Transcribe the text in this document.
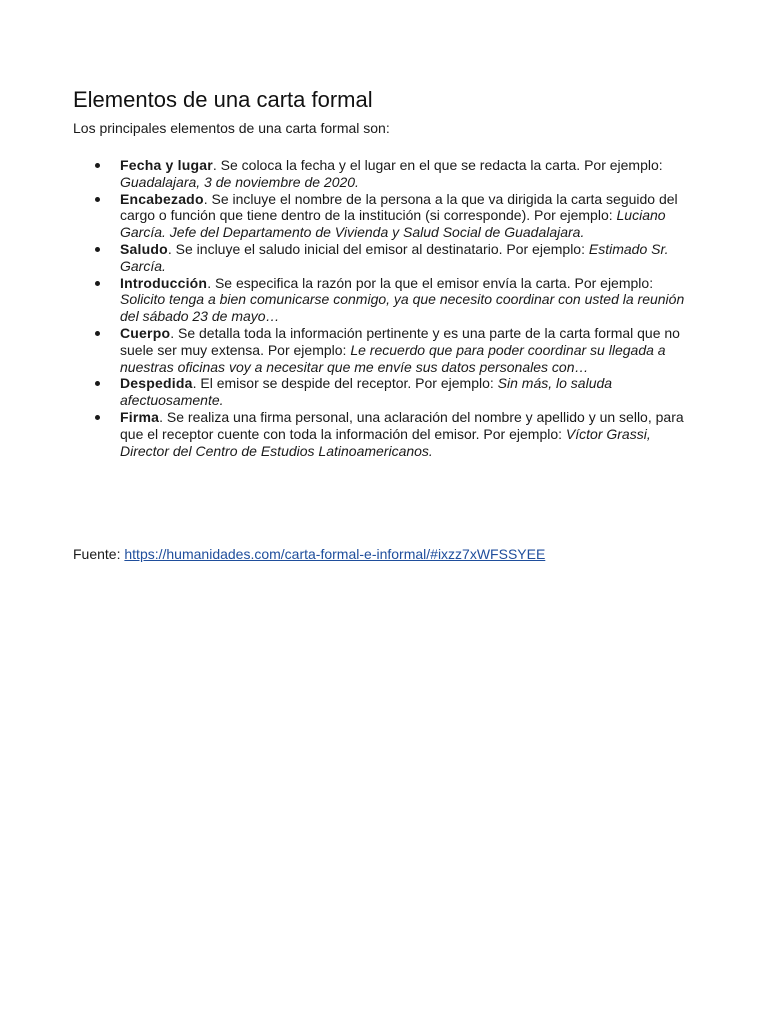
Elementos de una carta formal

Los principales elementos de una carta formal son:

Fecha y lugar. Se coloca la fecha y el lugar en el que se redacta la carta. Por ejemplo: Guadalajara, 3 de noviembre de 2020.
Encabezado. Se incluye el nombre de la persona a la que va dirigida la carta seguido del cargo o función que tiene dentro de la institución (si corresponde). Por ejemplo: Luciano García. Jefe del Departamento de Vivienda y Salud Social de Guadalajara.
Saludo. Se incluye el saludo inicial del emisor al destinatario. Por ejemplo: Estimado Sr. García.
Introducción. Se especifica la razón por la que el emisor envía la carta. Por ejemplo: Solicito tenga a bien comunicarse conmigo, ya que necesito coordinar con usted la reunión del sábado 23 de mayo…
Cuerpo. Se detalla toda la información pertinente y es una parte de la carta formal que no suele ser muy extensa. Por ejemplo: Le recuerdo que para poder coordinar su llegada a nuestras oficinas voy a necesitar que me envíe sus datos personales con…
Despedida. El emisor se despide del receptor. Por ejemplo: Sin más, lo saluda afectuosamente.
Firma. Se realiza una firma personal, una aclaración del nombre y apellido y un sello, para que el receptor cuente con toda la información del emisor. Por ejemplo: Víctor Grassi, Director del Centro de Estudios Latinoamericanos.
Fuente: https://humanidades.com/carta-formal-e-informal/#ixzz7xWFSSYEE
